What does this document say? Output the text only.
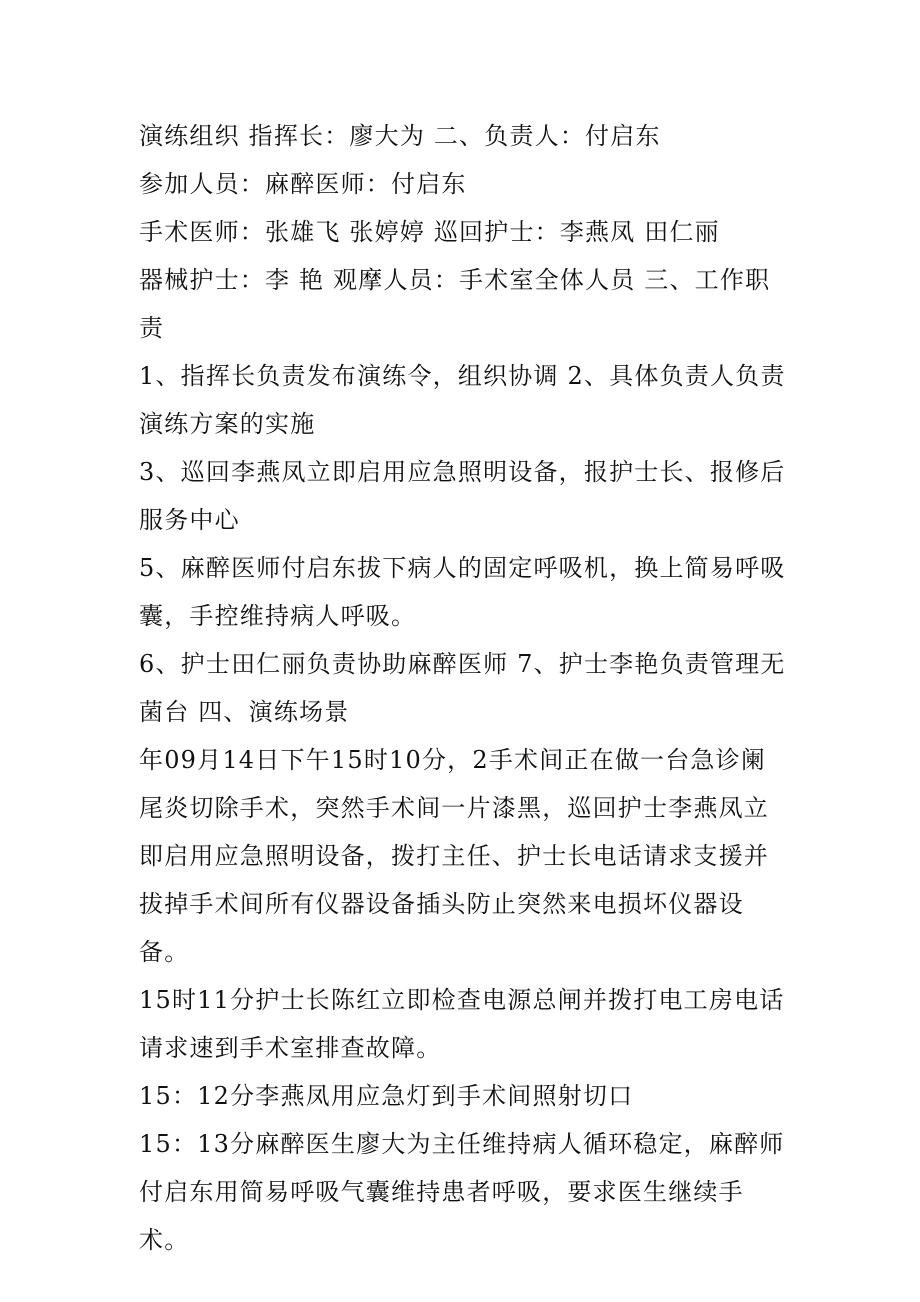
演练组织 指挥长：廖大为 二、负责人：付启东

参加人员：麻醉医师：付启东

手术医师：张雄飞 张婷婷 巡回护士：李燕凤 田仁丽

器械护士：李 艳 观摩人员：手术室全体人员 三、工作职责

1、指挥长负责发布演练令，组织协调 2、具体负责人负责演练方案的实施

3、巡回李燕凤立即启用应急照明设备，报护士长、报修后服务中心

5、麻醉医师付启东拔下病人的固定呼吸机，换上简易呼吸囊，手控维持病人呼吸。

6、护士田仁丽负责协助麻醉医师 7、护士李艳负责管理无菌台 四、演练场景

年09月14日下午15时10分，2手术间正在做一台急诊阑尾炎切除手术，突然手术间一片漆黑，巡回护士李燕凤立即启用应急照明设备，拨打主任、护士长电话请求支援并拔掉手术间所有仪器设备插头防止突然来电损坏仪器设备。

15时11分护士长陈红立即检查电源总闸并拨打电工房电话请求速到手术室排查故障。

15：12分李燕凤用应急灯到手术间照射切口

15：13分麻醉医生廖大为主任维持病人循环稳定，麻醉师付启东用简易呼吸气囊维持患者呼吸，要求医生继续手术。
